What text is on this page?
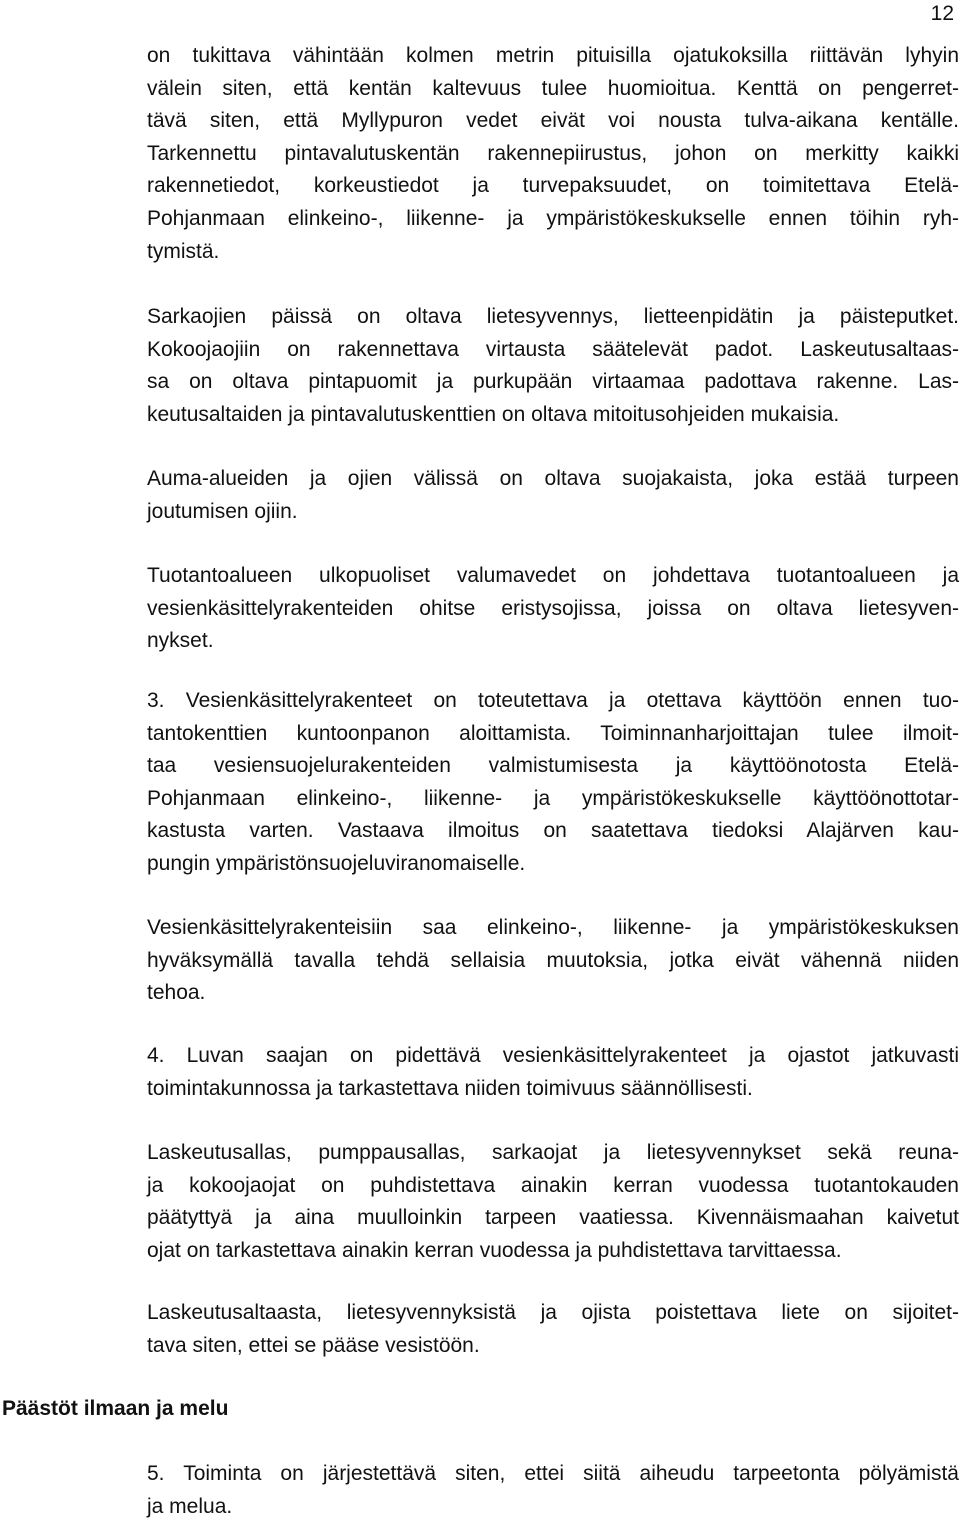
12

on tukittava vähintään kolmen metrin pituisilla ojatukoksilla riittävän lyhyin
välein siten, että kentän kaltevuus tulee huomioitua. Kenttä on pengerret-
tävä siten, että Myllypuron vedet eivät voi nousta tulva-aikana kentälle.
Tarkennettu pintavalutuskentän rakennepiirustus, johon on merkitty kaikki
rakennetiedot, korkeustiedot ja turvepaksuudet, on toimitettava Etelä-
Pohjanmaan elinkeino-, liikenne- ja ympäristökeskukselle ennen töihin ryh-
tymistä.

Sarkaojien päissä on oltava lietesyvennys, lietteenpidätin ja päisteputket.
Kokoojaojiin on rakennettava virtausta säätelevät padot. Laskeutusaltaas-
sa on oltava pintapuomit ja purkupään virtaamaa padottava rakenne. Las-
keutusaltaiden ja pintavalutuskenttien on oltava mitoitusohjeiden mukaisia.

Auma-alueiden ja ojien välissä on oltava suojakaista, joka estää turpeen
joutumisen ojiin.

Tuotantoalueen ulkopuoliset valumavedet on johdettava tuotantoalueen ja
vesienkäsittelyrakenteiden ohitse eristysojissa, joissa on oltava lietesyven-
nykset.

3. Vesienkäsittelyrakenteet on toteutettava ja otettava käyttöön ennen tuo-
tantokenttien kuntoonpanon aloittamista. Toiminnanharjoittajan tulee ilmoit-
taa vesiensuojelurakenteiden valmistumisesta ja käyttöönotosta Etelä-
Pohjanmaan elinkeino-, liikenne- ja ympäristökeskukselle käyttöönottotar-
kastusta varten. Vastaava ilmoitus on saatettava tiedoksi Alajärven kau-
pungin ympäristönsuojeluviranomaiselle.

Vesienkäsittelyrakenteisiin saa elinkeino-, liikenne- ja ympäristökeskuksen
hyväksymällä tavalla tehdä sellaisia muutoksia, jotka eivät vähennä niiden
tehoa.

4. Luvan saajan on pidettävä vesienkäsittelyrakenteet ja ojastot jatkuvasti
toimintakunnossa ja tarkastettava niiden toimivuus säännöllisesti.

Laskeutusallas, pumppausallas, sarkaojat ja lietesyvennykset sekä reuna-
ja kokoojaojat on puhdistettava ainakin kerran vuodessa tuotantokauden
päätyttyä ja aina muulloinkin tarpeen vaatiessa. Kivennäismaahan kaivetut
ojat on tarkastettava ainakin kerran vuodessa ja puhdistettava tarvittaessa.

Laskeutusaltaasta, lietesyvennyksistä ja ojista poistettava liete on sijoitet-
tava siten, ettei se pääse vesistöön.

Päästöt ilmaan ja melu

5. Toiminta on järjestettävä siten, ettei siitä aiheudu tarpeetonta pölyämistä
ja melua.
